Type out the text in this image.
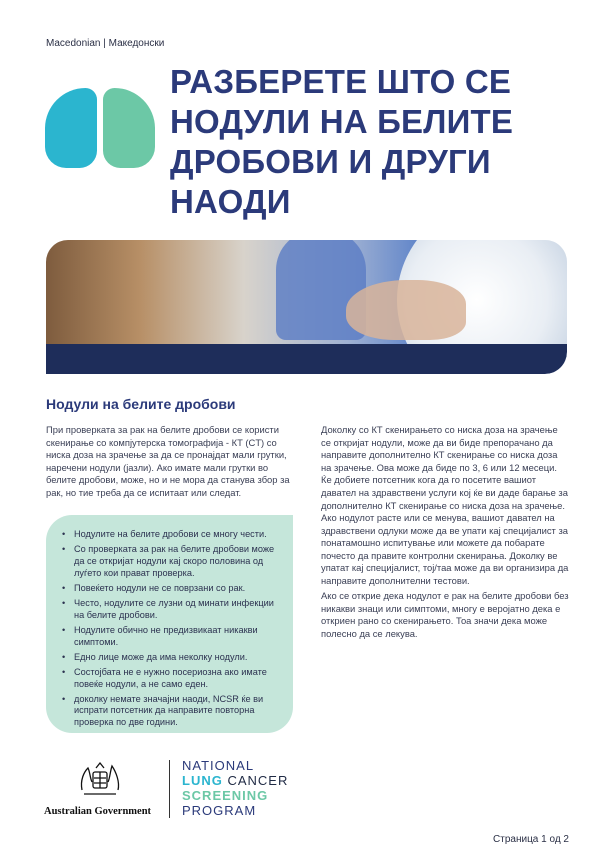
Macedonian | Македонски
РАЗБЕРЕТЕ ШТО СЕ НОДУЛИ НА БЕЛИТЕ ДРОБОВИ И ДРУГИ НАОДИ
Нодули на белите дробови

При проверката за рак на белите дробови се користи скенирање со компјутерска томографија - КТ (CT) со ниска доза на зрачење за да се пронајдат мали грутки, наречени нодули (јазли). Ако имате мали грутки во белите дробови, може, но и не мора да станува збор за рак, но тие треба да се испитаат или следат.

Доколку со КТ скенирањето со ниска доза на зрачење се откријат нодули, може да ви биде препорачано да направите дополнително КТ скенирање со ниска доза на зрачење. Ова може да биде по 3, 6 или 12 месеци. Ќе добиете потсетник кога да го посетите вашиот давател на здравствени услуги кој ќе ви даде барање за дополнително КТ скенирање со ниска доза на зрачење.

Ако нодулот расте или се менува, вашиот давател на здравствени одлуки може да ве упати кај специјалист за понатамошно испитување или можете да побарате почесто да правите контролни скенирања. Доколку ве упатат кај специјалист, тој/таа може да ви организира да направите дополнителни тестови.

Ако се открие дека нодулот е рак на белите дробови без никакви знаци или симптоми, многу е веројатно дека е откриен рано со скенирањето. Тоа значи дека може полесно да се лекува.

• Нодулите на белите дробови се многу чести.
• Со проверката за рак на белите дробови може да се откријат нодули кај скоро половина од луѓето кои прават проверка.
• Повеќето нодули не се поврзани со рак.
• Често, нодулите се лузни од минати инфекции на белите дробови.
• Нодулите обично не предизвикаат никакви симптоми.
• Едно лице може да има неколку нодули.
• Состојбата не е нужно посериозна ако имате повеќе нодули, а не само еден.
• доколку немате значајни наоди, NCSR ќе ви испрати потсетник да направите повторна проверка по две години.
Australian Government
NATIONAL
LUNG CANCER
SCREENING
PROGRAM
Страница 1 од 2
